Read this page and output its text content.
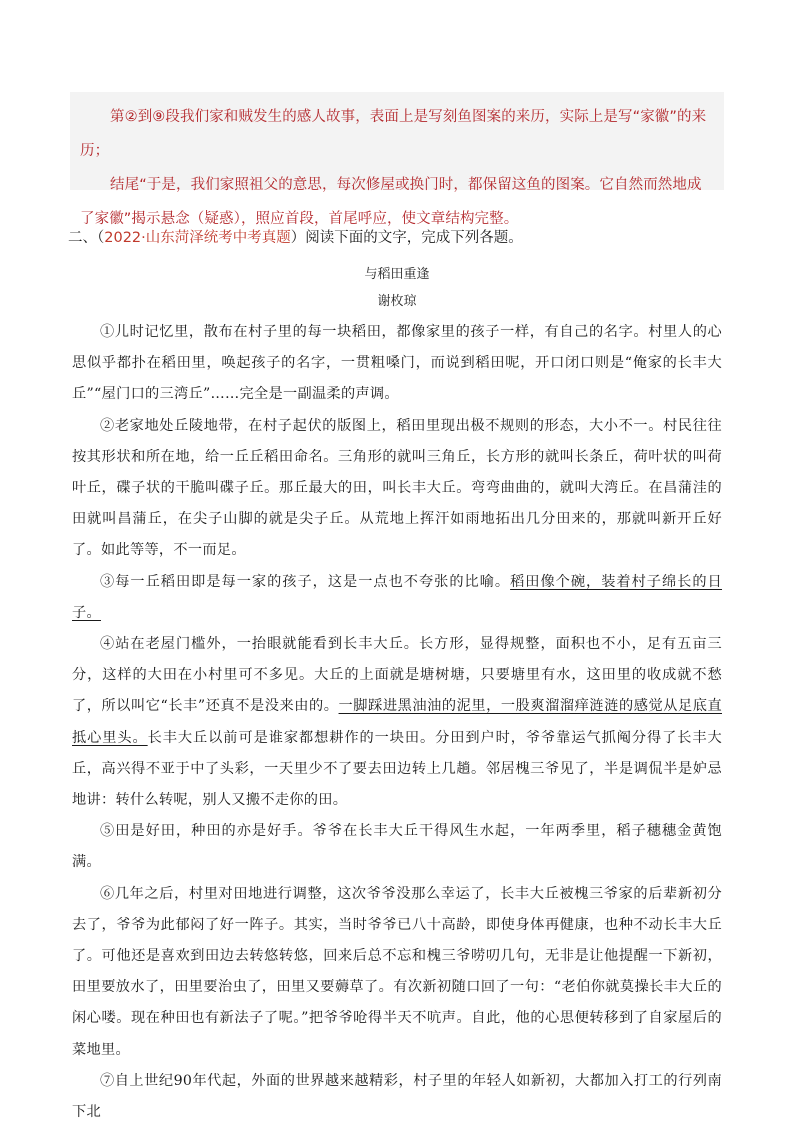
第②到⑨段我们家和贼发生的感人故事，表面上是写刻鱼图案的来历，实际上是写“家徽”的来历；

结尾“于是，我们家照祖父的意思，每次修屋或换门时，都保留这鱼的图案。它自然而然地成了家徽”揭示悬念（疑惑），照应首段，首尾呼应，使文章结构完整。

二、（2022·山东菏泽统考中考真题）阅读下面的文字，完成下列各题。
与稻田重逢
谢枚琼

①儿时记忆里，散布在村子里的每一块稻田，都像家里的孩子一样，有自己的名字。村里人的心思似乎都扑在稻田里，唤起孩子的名字，一贯粗嗓门，而说到稻田呢，开口闭口则是“俺家的长丰大丘”“屋门口的三湾丘”……完全是一副温柔的声调。

②老家地处丘陵地带，在村子起伏的版图上，稻田里现出极不规则的形态，大小不一。村民往往按其形状和所在地，给一丘丘稻田命名。三角形的就叫三角丘，长方形的就叫长条丘，荷叶状的叫荷叶丘，碟子状的干脆叫碟子丘。那丘最大的田，叫长丰大丘。弯弯曲曲的，就叫大湾丘。在昌蒲洼的田就叫昌蒲丘，在尖子山脚的就是尖子丘。从荒地上挥汗如雨地拓出几分田来的，那就叫新开丘好了。如此等等，不一而足。

③每一丘稻田即是每一家的孩子，这是一点也不夸张的比喻。稻田像个碗，装着村子绵长的日子。

④站在老屋门槛外，一抬眼就能看到长丰大丘。长方形，显得规整，面积也不小，足有五亩三分，这样的大田在小村里可不多见。大丘的上面就是塘树塘，只要塘里有水，这田里的收成就不愁了，所以叫它“长丰”还真不是没来由的。一脚踩进黑油油的泥里，一股爽溜溜痒涟涟的感觉从足底直抵心里头。长丰大丘以前可是谁家都想耕作的一块田。分田到户时，爷爷靠运气抓阄分得了长丰大丘，高兴得不亚于中了头彩，一天里少不了要去田边转上几趟。邻居槐三爷见了，半是调侃半是妒忌地讲：转什么转呢，别人又搬不走你的田。

⑤田是好田，种田的亦是好手。爷爷在长丰大丘干得风生水起，一年两季里，稻子穗穗金黄饱满。

⑥几年之后，村里对田地进行调整，这次爷爷没那么幸运了，长丰大丘被槐三爷家的后辈新初分去了，爷爷为此郁闷了好一阵子。其实，当时爷爷已八十高龄，即使身体再健康，也种不动长丰大丘了。可他还是喜欢到田边去转悠转悠，回来后总不忘和槐三爷唠叨几句，无非是让他提醒一下新初，田里要放水了，田里要治虫了，田里又要薅草了。有次新初随口回了一句：“老伯你就莫操长丰大丘的闲心喽。现在种田也有新法子了呢。”把爷爷呛得半天不吭声。自此，他的心思便转移到了自家屋后的菜地里。

⑦自上世纪90年代起，外面的世界越来越精彩，村子里的年轻人如新初，大都加入打工的行列南下北
